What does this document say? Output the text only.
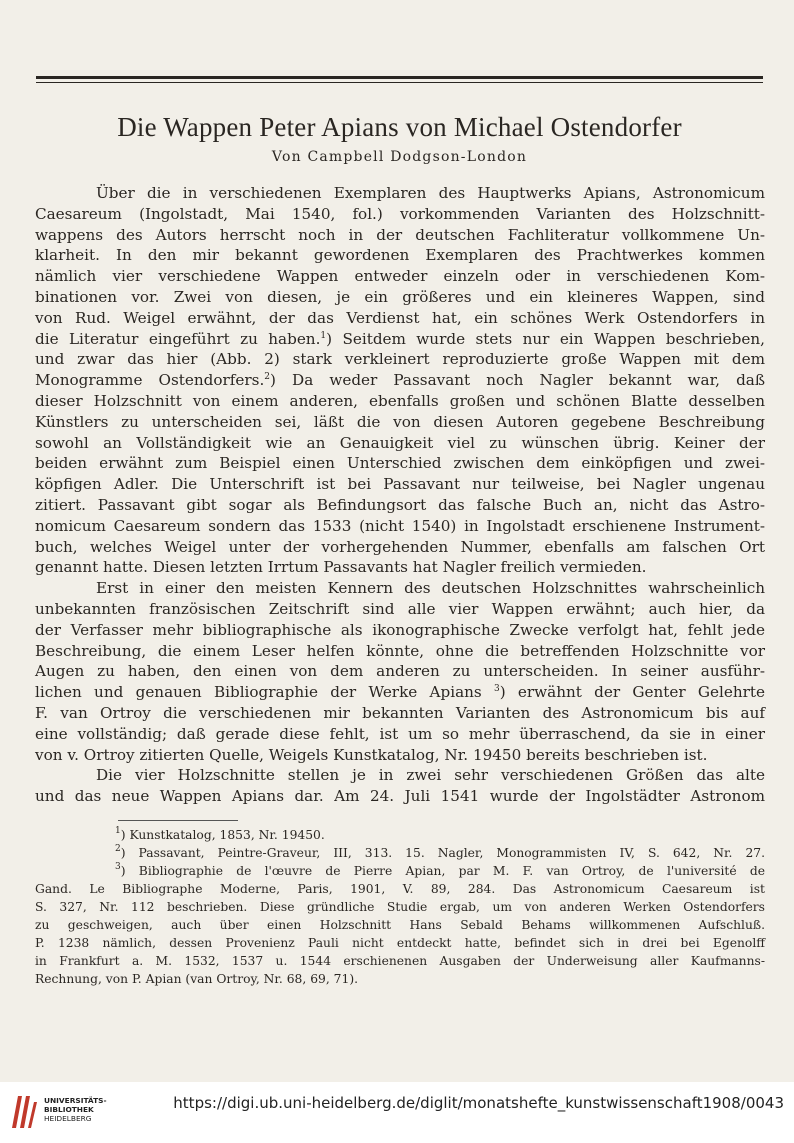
Die Wappen Peter Apians von Michael Ostendorfer
Von Campbell Dodgson-London
Über die in verschiedenen Exemplaren des Hauptwerks Apians, Astronomicum
Caesareum (Ingolstadt, Mai 1540, fol.) vorkommenden Varianten des Holzschnitt-
wappens des Autors herrscht noch in der deutschen Fachliteratur vollkommene Un-
klarheit. In den mir bekannt gewordenen Exemplaren des Prachtwerkes kommen
nämlich vier verschiedene Wappen entweder einzeln oder in verschiedenen Kom-
binationen vor. Zwei von diesen, je ein größeres und ein kleineres Wappen, sind
von Rud. Weigel erwähnt, der das Verdienst hat, ein schönes Werk Ostendorfers in
die Literatur eingeführt zu haben.$^1$) Seitdem wurde stets nur ein Wappen beschrieben,
und zwar das hier (Abb. 2) stark verkleinert reproduzierte große Wappen mit dem
Monogramme Ostendorfers.$^2$) Da weder Passavant noch Nagler bekannt war, daß
dieser Holzschnitt von einem anderen, ebenfalls großen und schönen Blatte desselben
Künstlers zu unterscheiden sei, läßt die von diesen Autoren gegebene Beschreibung
sowohl an Vollständigkeit wie an Genauigkeit viel zu wünschen übrig. Keiner der
beiden erwähnt zum Beispiel einen Unterschied zwischen dem einköpfigen und zwei-
köpfigen Adler. Die Unterschrift ist bei Passavant nur teilweise, bei Nagler ungenau
zitiert. Passavant gibt sogar als Befindungsort das falsche Buch an, nicht das Astro-
nomicum Caesareum sondern das 1533 (nicht 1540) in Ingolstadt erschienene Instrument-
buch, welches Weigel unter der vorhergehenden Nummer, ebenfalls am falschen Ort
genannt hatte. Diesen letzten Irrtum Passavants hat Nagler freilich vermieden.
Erst in einer den meisten Kennern des deutschen Holzschnittes wahrscheinlich
unbekannten französischen Zeitschrift sind alle vier Wappen erwähnt; auch hier, da
der Verfasser mehr bibliographische als ikonographische Zwecke verfolgt hat, fehlt jede
Beschreibung, die einem Leser helfen könnte, ohne die betreffenden Holzschnitte vor
Augen zu haben, den einen von dem anderen zu unterscheiden. In seiner ausführ-
lichen und genauen Bibliographie der Werke Apians $^3$) erwähnt der Genter Gelehrte
F. van Ortroy die verschiedenen mir bekannten Varianten des Astronomicum bis auf
eine vollständig; daß gerade diese fehlt, ist um so mehr überraschend, da sie in einer
von v. Ortroy zitierten Quelle, Weigels Kunstkatalog, Nr. 19450 bereits beschrieben ist.
Die vier Holzschnitte stellen je in zwei sehr verschiedenen Größen das alte
und das neue Wappen Apians dar. Am 24. Juli 1541 wurde der Ingolstädter Astronom
$^1$) Kunstkatalog, 1853, Nr. 19450.
$^2$) Passavant, Peintre-Graveur, III, 313. 15. Nagler, Monogrammisten IV, S. 642, Nr. 27.
$^3$) Bibliographie de l'œuvre de Pierre Apian, par M. F. van Ortroy, de l'université de
Gand. Le Bibliographe Moderne, Paris, 1901, V. 89, 284. Das Astronomicum Caesareum ist
S. 327, Nr. 112 beschrieben. Diese gründliche Studie ergab, um von anderen Werken Ostendorfers
zu geschweigen, auch über einen Holzschnitt Hans Sebald Behams willkommenen Aufschluß.
P. 1238 nämlich, dessen Provenienz Pauli nicht entdeckt hatte, befindet sich in drei bei Egenolff
in Frankfurt a. M. 1532, 1537 u. 1544 erschienenen Ausgaben der Underweisung aller Kaufmanns-
Rechnung, von P. Apian (van Ortroy, Nr. 68, 69, 71).
UNIVERSITÄTS-
BIBLIOTHEK
HEIDELBERG
https://digi.ub.uni-heidelberg.de/diglit/monatshefte_kunstwissenschaft1908/0043
